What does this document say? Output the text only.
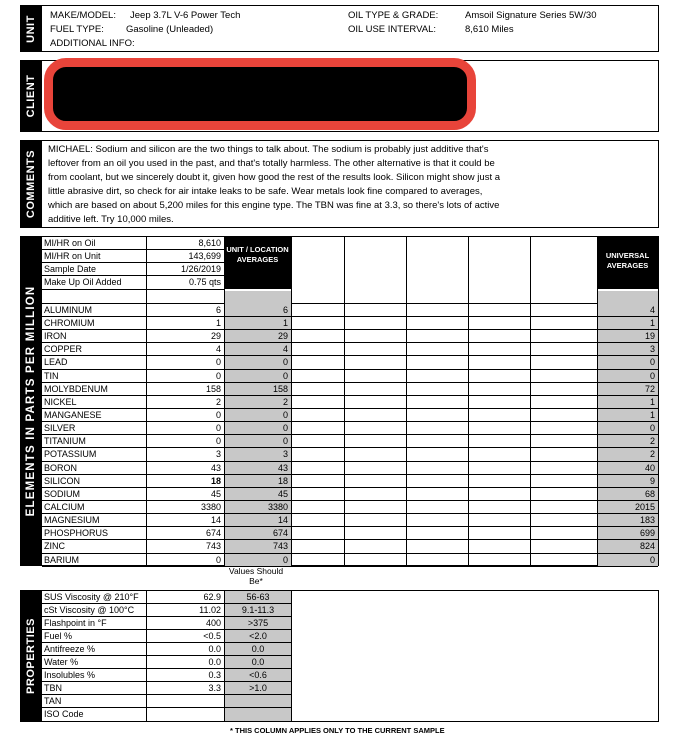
UNIT MAKE/MODEL: Jeep 3.7L V-6 Power Tech
FUEL TYPE: Gasoline (Unleaded)
ADDITIONAL INFO:
OIL TYPE & GRADE:	Amsoil Signature Series 5W/30
OIL USE INTERVAL:	8,610 Miles
CLIENT
COMMENTS
MICHAEL: Sodium and silicon are the two things to talk about. The sodium is probably just additive that's
leftover from an oil you used in the past, and that's totally harmless. The other alternative is that it could be
from coolant, but we sincerely doubt it, given how good the rest of the results look. Silicon might show just a
little abrasive dirt, so check for air intake leaks to be safe. Wear metals look fine compared to averages,
which are based on about 5,200 miles for this engine type. The TBN was fine at 3.3, so there's lots of active
additive left. Try 10,000 miles.
ELEMENTS IN PARTS PER MILLION
UNIT / LOCATION AVERAGES	UNIVERSAL AVERAGES
MI/HR on Oil	8,610
MI/HR on Unit	143,699
Sample Date	1/26/2019
Make Up Oil Added	0.75 qts
ALUMINUM	6	6	4
CHROMIUM	1	1	1
IRON	29	29	19
COPPER	4	4	3
LEAD	0	0	0
TIN	0	0	0
MOLYBDENUM	158	158	72
NICKEL	2	2	1
MANGANESE	0	0	1
SILVER	0	0	0
TITANIUM	0	0	2
POTASSIUM	3	3	2
BORON	43	43	40
SILICON	18	18	9
SODIUM	45	45	68
CALCIUM	3380	3380	2015
MAGNESIUM	14	14	183
PHOSPHORUS	674	674	699
ZINC	743	743	824
BARIUM	0	0	0
Values Should Be*
PROPERTIES
SUS Viscosity @ 210°F	62.9	56-63
cSt Viscosity @ 100°C	11.02	9.1-11.3
Flashpoint in °F	400	>375
Fuel %	<0.5	<2.0
Antifreeze %	0.0	0.0
Water %	0.0	0.0
Insolubles %	0.3	<0.6
TBN	3.3	>1.0
TAN
ISO Code
* THIS COLUMN APPLIES ONLY TO THE CURRENT SAMPLE
